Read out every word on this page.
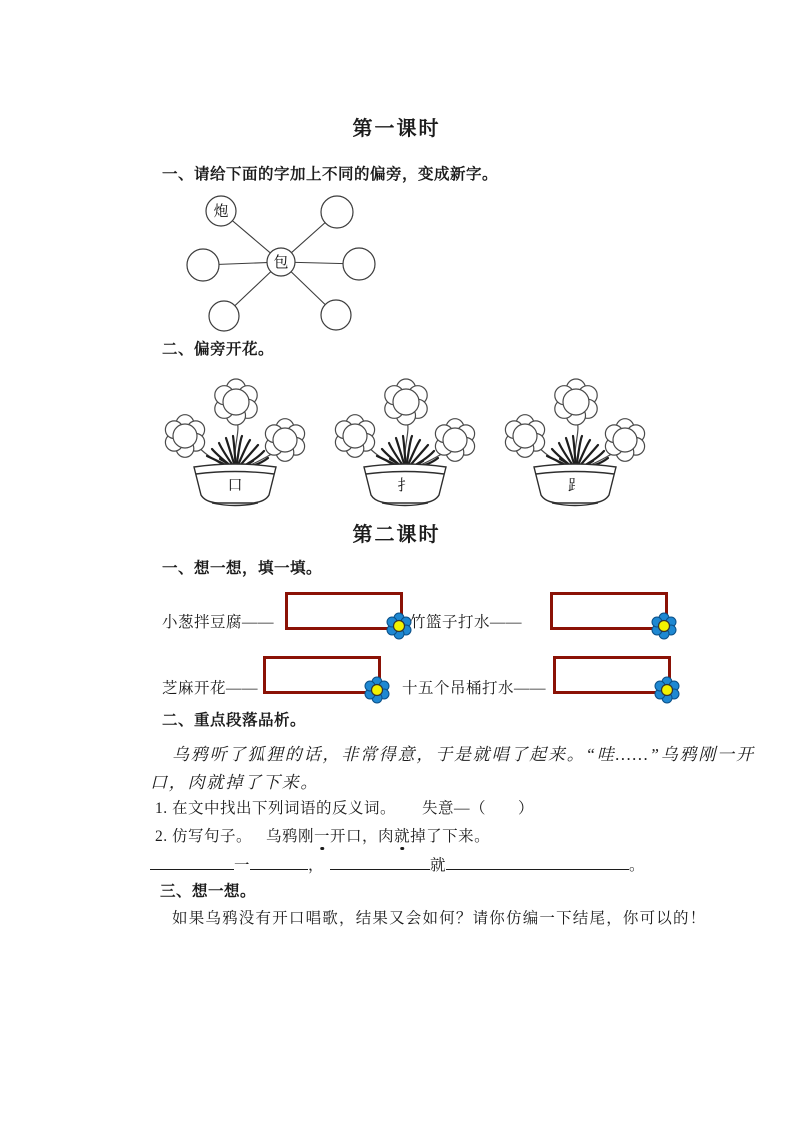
第一课时
一、请给下面的字加上不同的偏旁，变成新字。
炮
包
二、偏旁开花。
口	扌	⻊
第二课时
一、想一想，填一填。
小葱拌豆腐——	竹篮子打水——
芝麻开花——	十五个吊桶打水——
二、重点段落品析。
乌鸦听了狐狸的话，非常得意，于是就唱了起来。“哇……”乌鸦刚一开
口，肉就掉了下来。
1. 在文中找出下列词语的反义词。 失意—（　　）
2. 仿写句子。 乌鸦刚一开口，肉就掉了下来。
一	，	就	。
三、想一想。
如果乌鸦没有开口唱歌，结果又会如何？请你仿编一下结尾，你可以的！
